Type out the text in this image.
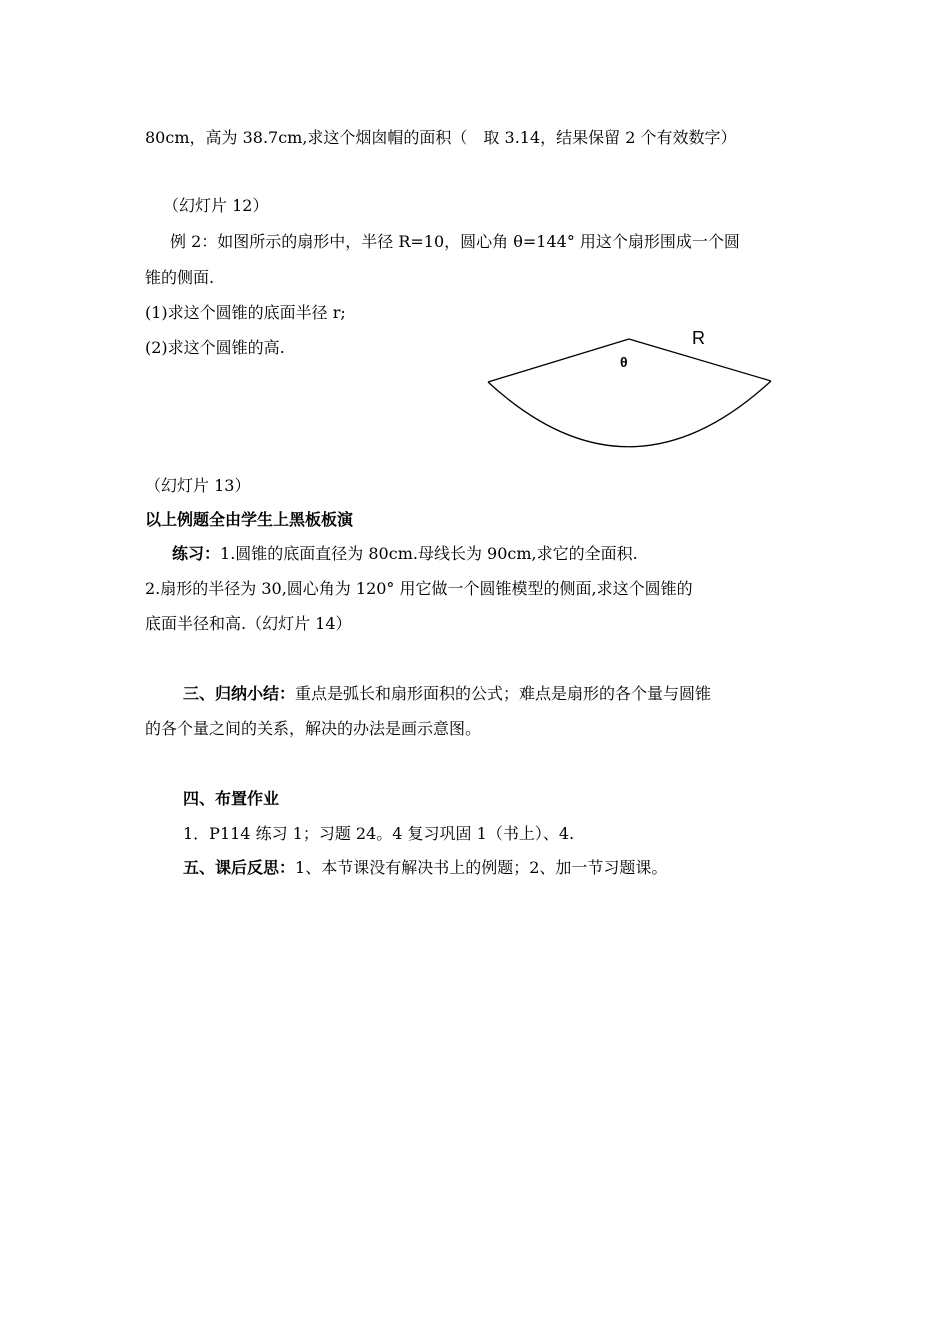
80cm，高为 38.7cm,求这个烟囱帽的面积（　取 3.14，结果保留 2 个有效数字）
（幻灯片 12）
例 2：如图所示的扇形中，半径 R=10，圆心角 θ=144° 用这个扇形围成一个圆
锥的侧面.
(1)求这个圆锥的底面半径 r;
(2)求这个圆锥的高.	R
θ
（幻灯片 13）
以上例题全由学生上黑板板演
练习：1.圆锥的底面直径为 80cm.母线长为 90cm,求它的全面积.
2.扇形的半径为 30,圆心角为 120° 用它做一个圆锥模型的侧面,求这个圆锥的
底面半径和高.（幻灯片 14）
三、归纳小结：重点是弧长和扇形面积的公式；难点是扇形的各个量与圆锥
的各个量之间的关系，解决的办法是画示意图。
四、布置作业
1．P114 练习 1；习题 24。4 复习巩固 1（书上）、4.
五、课后反思：1、本节课没有解决书上的例题；2、加一节习题课。
